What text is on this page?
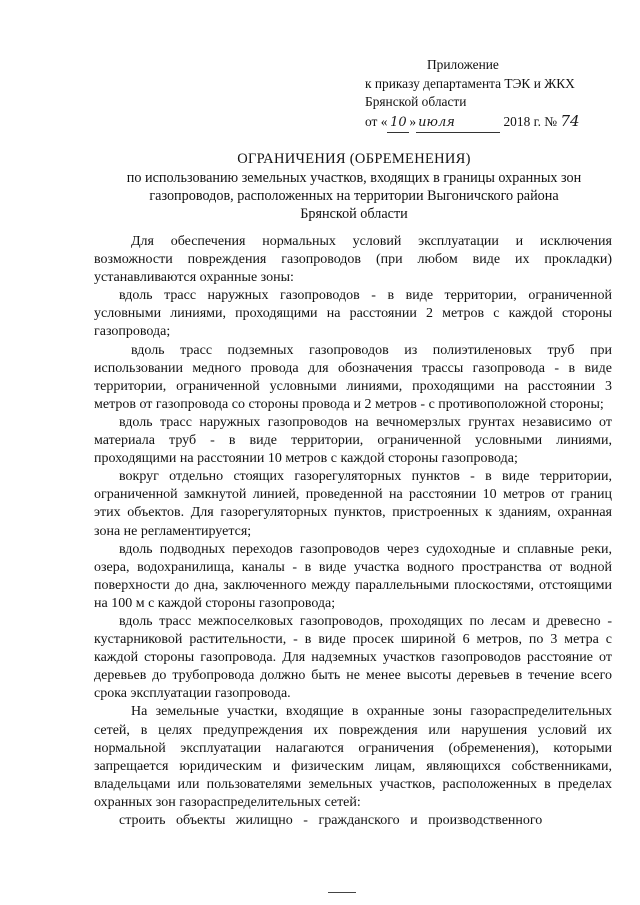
Приложение
к приказу департамента ТЭК и ЖКХ
Брянской области
от « 10 » июля	2018 г. № 74
ОГРАНИЧЕНИЯ (ОБРЕМЕНЕНИЯ)
по использованию земельных участков, входящих в границы охранных зон
газопроводов, расположенных на территории Выгоничского района
Брянской области

Для обеспечения нормальных условий эксплуатации и исключения возможности повреждения газопроводов (при любом виде их прокладки) устанавливаются охранные зоны:

вдоль трасс наружных газопроводов - в виде территории, ограниченной условными линиями, проходящими на расстоянии 2 метров с каждой стороны газопровода;

вдоль трасс подземных газопроводов из полиэтиленовых труб при использовании медного провода для обозначения трассы газопровода - в виде территории, ограниченной условными линиями, проходящими на расстоянии 3 метров от газопровода со стороны провода и 2 метров - с противоположной стороны;

вдоль трасс наружных газопроводов на вечномерзлых грунтах независимо от материала труб - в виде территории, ограниченной условными линиями, проходящими на расстоянии 10 метров с каждой стороны газопровода;

вокруг отдельно стоящих газорегуляторных пунктов - в виде территории, ограниченной замкнутой линией, проведенной на расстоянии 10 метров от границ этих объектов. Для газорегуляторных пунктов, пристроенных к зданиям, охранная зона не регламентируется;

вдоль подводных переходов газопроводов через судоходные и сплавные реки, озера, водохранилища, каналы - в виде участка водного пространства от водной поверхности до дна, заключенного между параллельными плоскостями, отстоящими на 100 м с каждой стороны газопровода;

вдоль трасс межпоселковых газопроводов, проходящих по лесам и древесно - кустарниковой растительности, - в виде просек шириной 6 метров, по 3 метра с каждой стороны газопровода. Для надземных участков газопроводов расстояние от деревьев до трубопровода должно быть не менее высоты деревьев в течение всего срока эксплуатации газопровода.

На земельные участки, входящие в охранные зоны газораспределительных сетей, в целях предупреждения их повреждения или нарушения условий их нормальной эксплуатации налагаются ограничения (обременения), которыми запрещается юридическим и физическим лицам, являющихся собственниками, владельцами или пользователями земельных участков, расположенных в пределах охранных зон газораспределительных сетей:

строить объекты жилищно - гражданского и производственного
